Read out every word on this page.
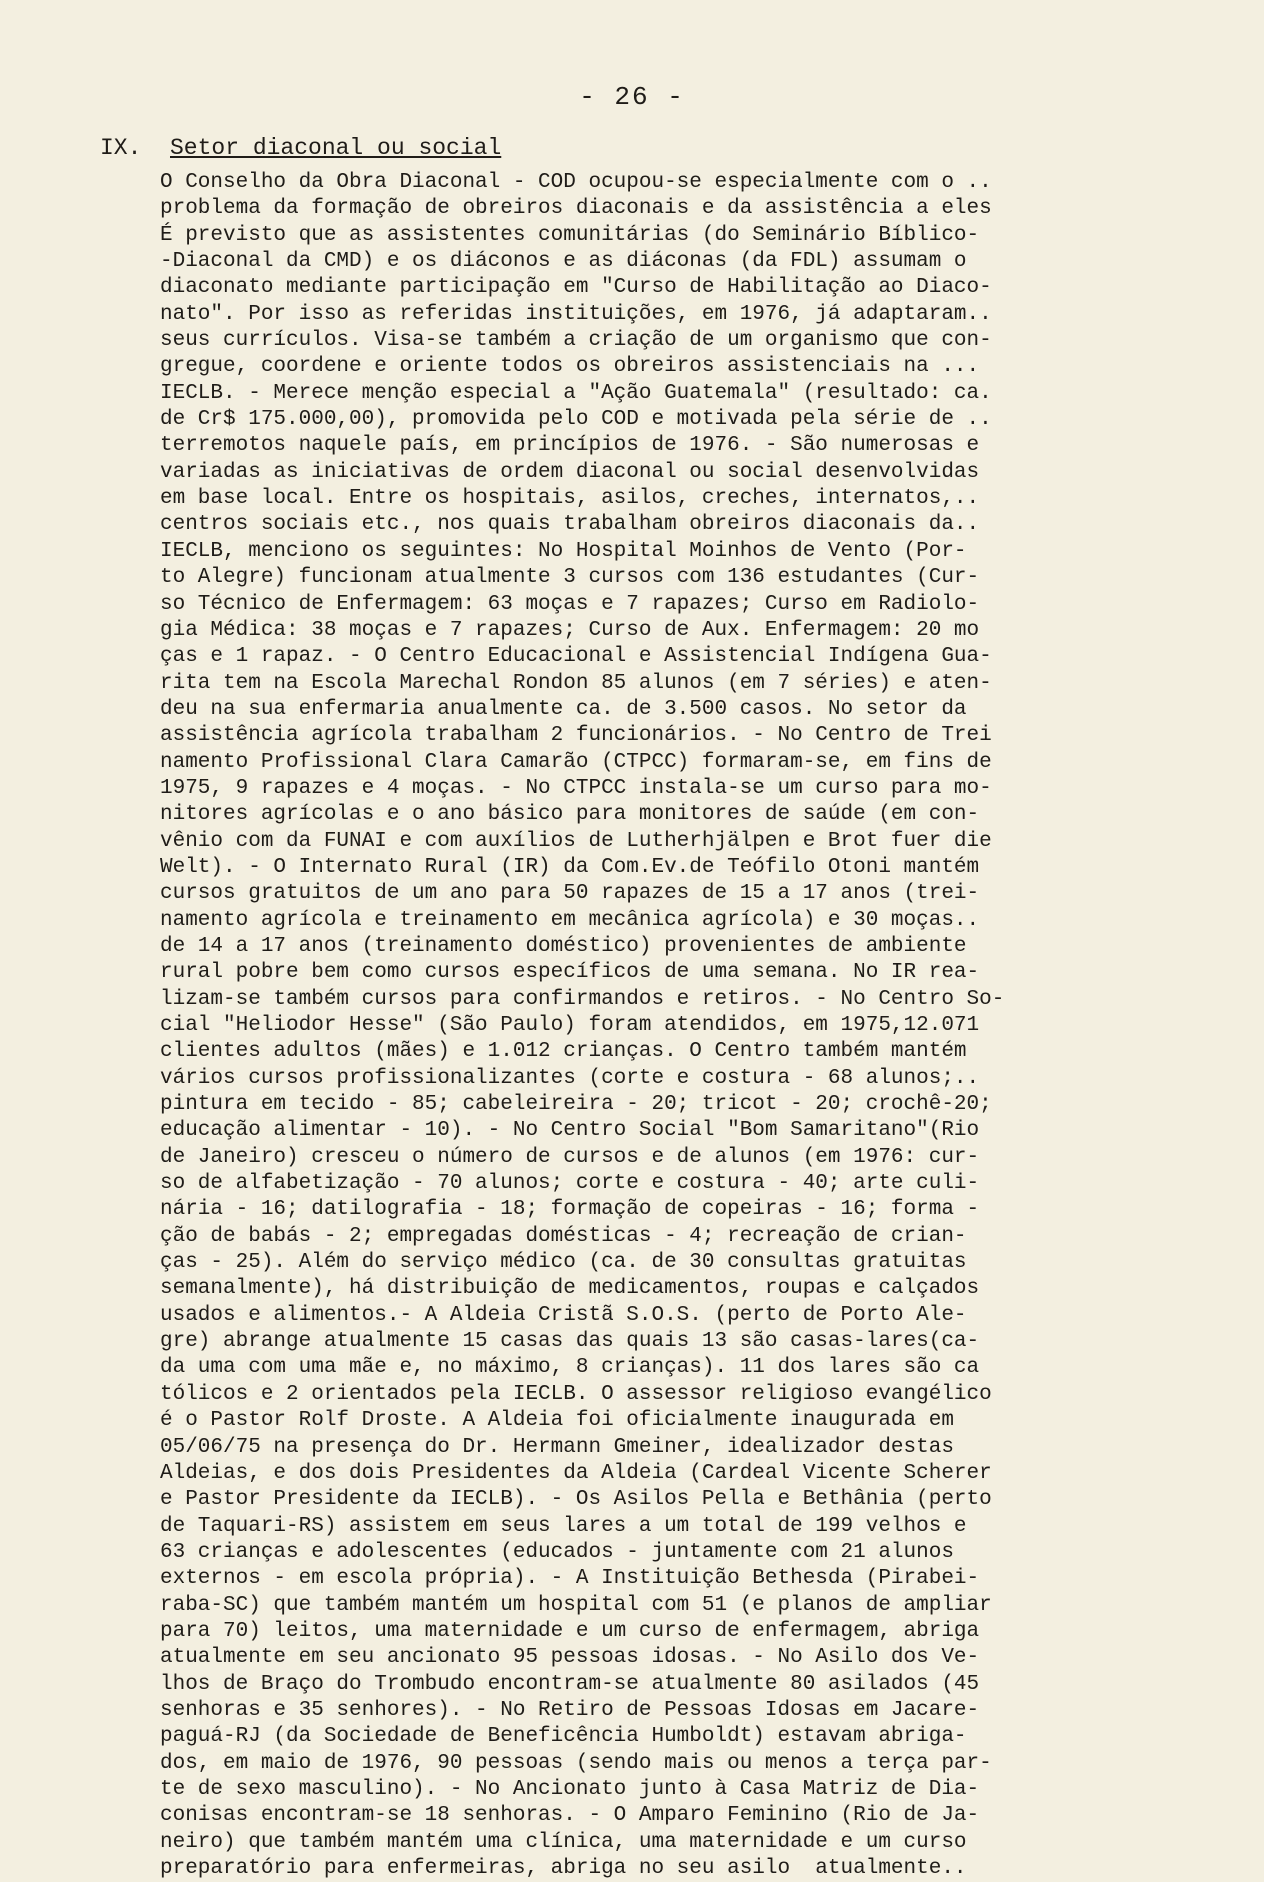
- 26 -
IX. Setor diaconal ou social
O Conselho da Obra Diaconal - COD ocupou-se especialmente com o ..
problema da formação de obreiros diaconais e da assistência a eles
É previsto que as assistentes comunitárias (do Seminário Bíblico-
-Diaconal da CMD) e os diáconos e as diáconas (da FDL) assumam o
diaconato mediante participação em "Curso de Habilitação ao Diaco-
nato". Por isso as referidas instituições, em 1976, já adaptaram..
seus currículos. Visa-se também a criação de um organismo que con-
gregue, coordene e oriente todos os obreiros assistenciais na ...
IECLB. - Merece menção especial a "Ação Guatemala" (resultado: ca.
de Cr$ 175.000,00), promovida pelo COD e motivada pela série de ..
terremotos naquele país, em princípios de 1976. - São numerosas e
variadas as iniciativas de ordem diaconal ou social desenvolvidas
em base local. Entre os hospitais, asilos, creches, internatos,..
centros sociais etc., nos quais trabalham obreiros diaconais da..
IECLB, menciono os seguintes: No Hospital Moinhos de Vento (Por-
to Alegre) funcionam atualmente 3 cursos com 136 estudantes (Cur-
so Técnico de Enfermagem: 63 moças e 7 rapazes; Curso em Radiolo-
gia Médica: 38 moças e 7 rapazes; Curso de Aux. Enfermagem: 20 mo
ças e 1 rapaz. - O Centro Educacional e Assistencial Indígena Gua-
rita tem na Escola Marechal Rondon 85 alunos (em 7 séries) e aten-
deu na sua enfermaria anualmente ca. de 3.500 casos. No setor da
assistência agrícola trabalham 2 funcionários. - No Centro de Trei
namento Profissional Clara Camarão (CTPCC) formaram-se, em fins de
1975, 9 rapazes e 4 moças. - No CTPCC instala-se um curso para mo-
nitores agrícolas e o ano básico para monitores de saúde (em con-
vênio com da FUNAI e com auxílios de Lutherhjälpen e Brot fuer die
Welt). - O Internato Rural (IR) da Com.Ev.de Teófilo Otoni mantém
cursos gratuitos de um ano para 50 rapazes de 15 a 17 anos (trei-
namento agrícola e treinamento em mecânica agrícola) e 30 moças..
de 14 a 17 anos (treinamento doméstico) provenientes de ambiente
rural pobre bem como cursos específicos de uma semana. No IR rea-
lizam-se também cursos para confirmandos e retiros. - No Centro So-
cial "Heliodor Hesse" (São Paulo) foram atendidos, em 1975,12.071
clientes adultos (mães) e 1.012 crianças. O Centro também mantém
vários cursos profissionalizantes (corte e costura - 68 alunos;..
pintura em tecido - 85; cabeleireira - 20; tricot - 20; crochê-20;
educação alimentar - 10). - No Centro Social "Bom Samaritano"(Rio
de Janeiro) cresceu o número de cursos e de alunos (em 1976: cur-
so de alfabetização - 70 alunos; corte e costura - 40; arte culi-
nária - 16; datilografia - 18; formação de copeiras - 16; forma -
ção de babás - 2; empregadas domésticas - 4; recreação de crian-
ças - 25). Além do serviço médico (ca. de 30 consultas gratuitas
semanalmente), há distribuição de medicamentos, roupas e calçados
usados e alimentos.- A Aldeia Cristã S.O.S. (perto de Porto Ale-
gre) abrange atualmente 15 casas das quais 13 são casas-lares(ca-
da uma com uma mãe e, no máximo, 8 crianças). 11 dos lares são ca
tólicos e 2 orientados pela IECLB. O assessor religioso evangélico
é o Pastor Rolf Droste. A Aldeia foi oficialmente inaugurada em
05/06/75 na presença do Dr. Hermann Gmeiner, idealizador destas
Aldeias, e dos dois Presidentes da Aldeia (Cardeal Vicente Scherer
e Pastor Presidente da IECLB). - Os Asilos Pella e Bethânia (perto
de Taquari-RS) assistem em seus lares a um total de 199 velhos e
63 crianças e adolescentes (educados - juntamente com 21 alunos
externos - em escola própria). - A Instituição Bethesda (Pirabei-
raba-SC) que também mantém um hospital com 51 (e planos de ampliar
para 70) leitos, uma maternidade e um curso de enfermagem, abriga
atualmente em seu ancionato 95 pessoas idosas. - No Asilo dos Ve-
lhos de Braço do Trombudo encontram-se atualmente 80 asilados (45
senhoras e 35 senhores). - No Retiro de Pessoas Idosas em Jacare-
paguá-RJ (da Sociedade de Beneficência Humboldt) estavam abriga-
dos, em maio de 1976, 90 pessoas (sendo mais ou menos a terça par-
te de sexo masculino). - No Ancionato junto à Casa Matriz de Dia-
conisas encontram-se 18 senhoras. - O Amparo Feminino (Rio de Ja-
neiro) que também mantém uma clínica, uma maternidade e um curso
preparatório para enfermeiras, abriga no seu asilo  atualmente..
